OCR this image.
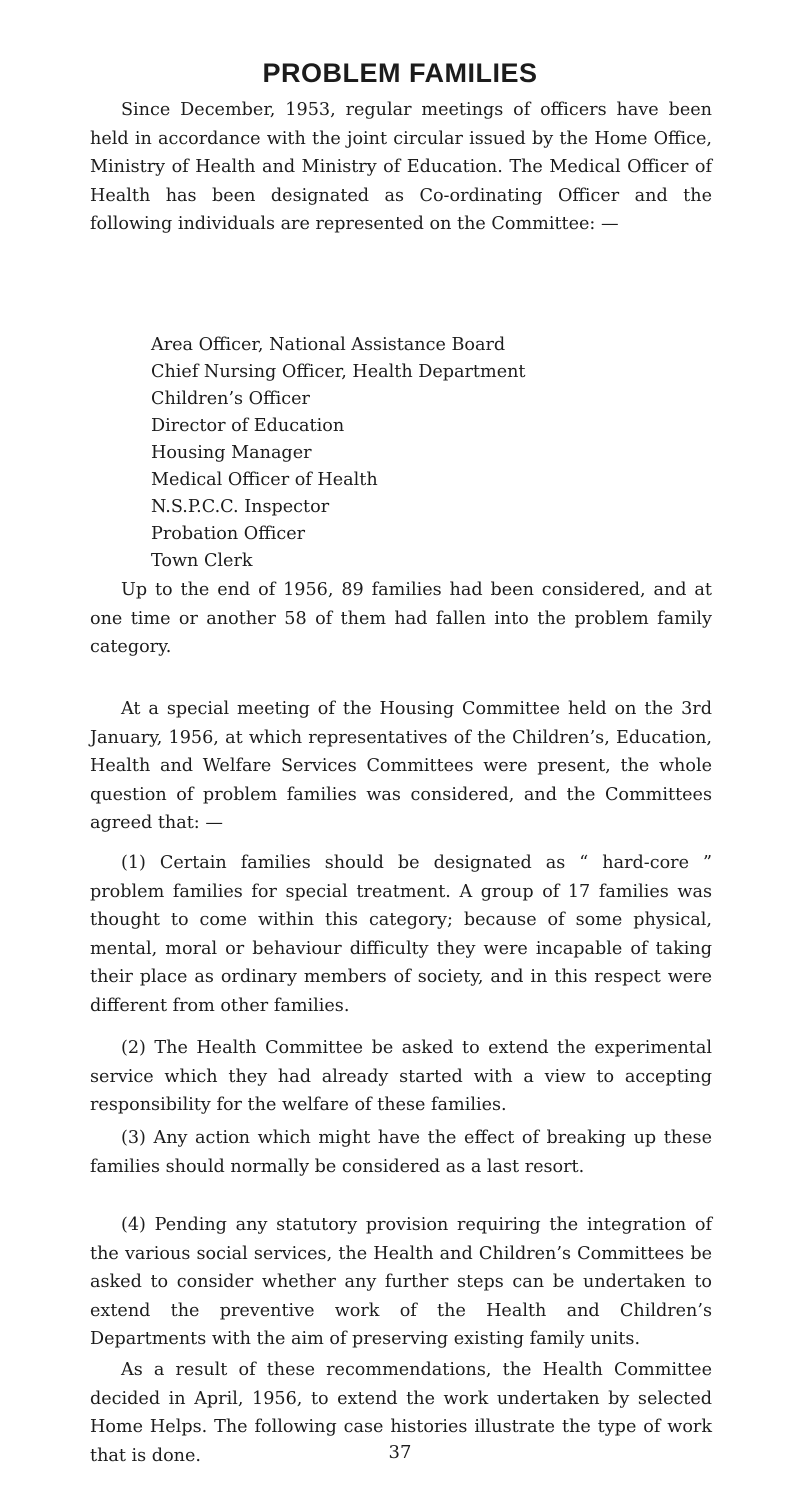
PROBLEM FAMILIES

Since December, 1953, regular meetings of officers have been held in accordance with the joint circular issued by the Home Office, Ministry of Health and Ministry of Education. The Medical Officer of Health has been designated as Co-ordinating Officer and the following individuals are represented on the Committee: —

Area Officer, National Assistance Board
Chief Nursing Officer, Health Department
Children’s Officer
Director of Education
Housing Manager
Medical Officer of Health
N.S.P.C.C. Inspector
Probation Officer
Town Clerk

Up to the end of 1956, 89 families had been considered, and at one time or another 58 of them had fallen into the problem family category.

At a special meeting of the Housing Committee held on the 3rd January, 1956, at which representatives of the Children’s, Education, Health and Welfare Services Committees were present, the whole question of problem families was considered, and the Committees agreed that: —

(1) Certain families should be designated as “ hard-core ” problem families for special treatment. A group of 17 families was thought to come within this category; because of some physical, mental, moral or behaviour difficulty they were incapable of taking their place as ordinary members of society, and in this respect were different from other families.

(2) The Health Committee be asked to extend the experimental service which they had already started with a view to accepting responsibility for the welfare of these families.

(3) Any action which might have the effect of breaking up these families should normally be considered as a last resort.

(4) Pending any statutory provision requiring the integration of the various social services, the Health and Children’s Committees be asked to consider whether any further steps can be undertaken to extend the preventive work of the Health and Children’s Departments with the aim of preserving existing family units.

As a result of these recommendations, the Health Committee decided in April, 1956, to extend the work undertaken by selected Home Helps. The following case histories illustrate the type of work that is done.	37
